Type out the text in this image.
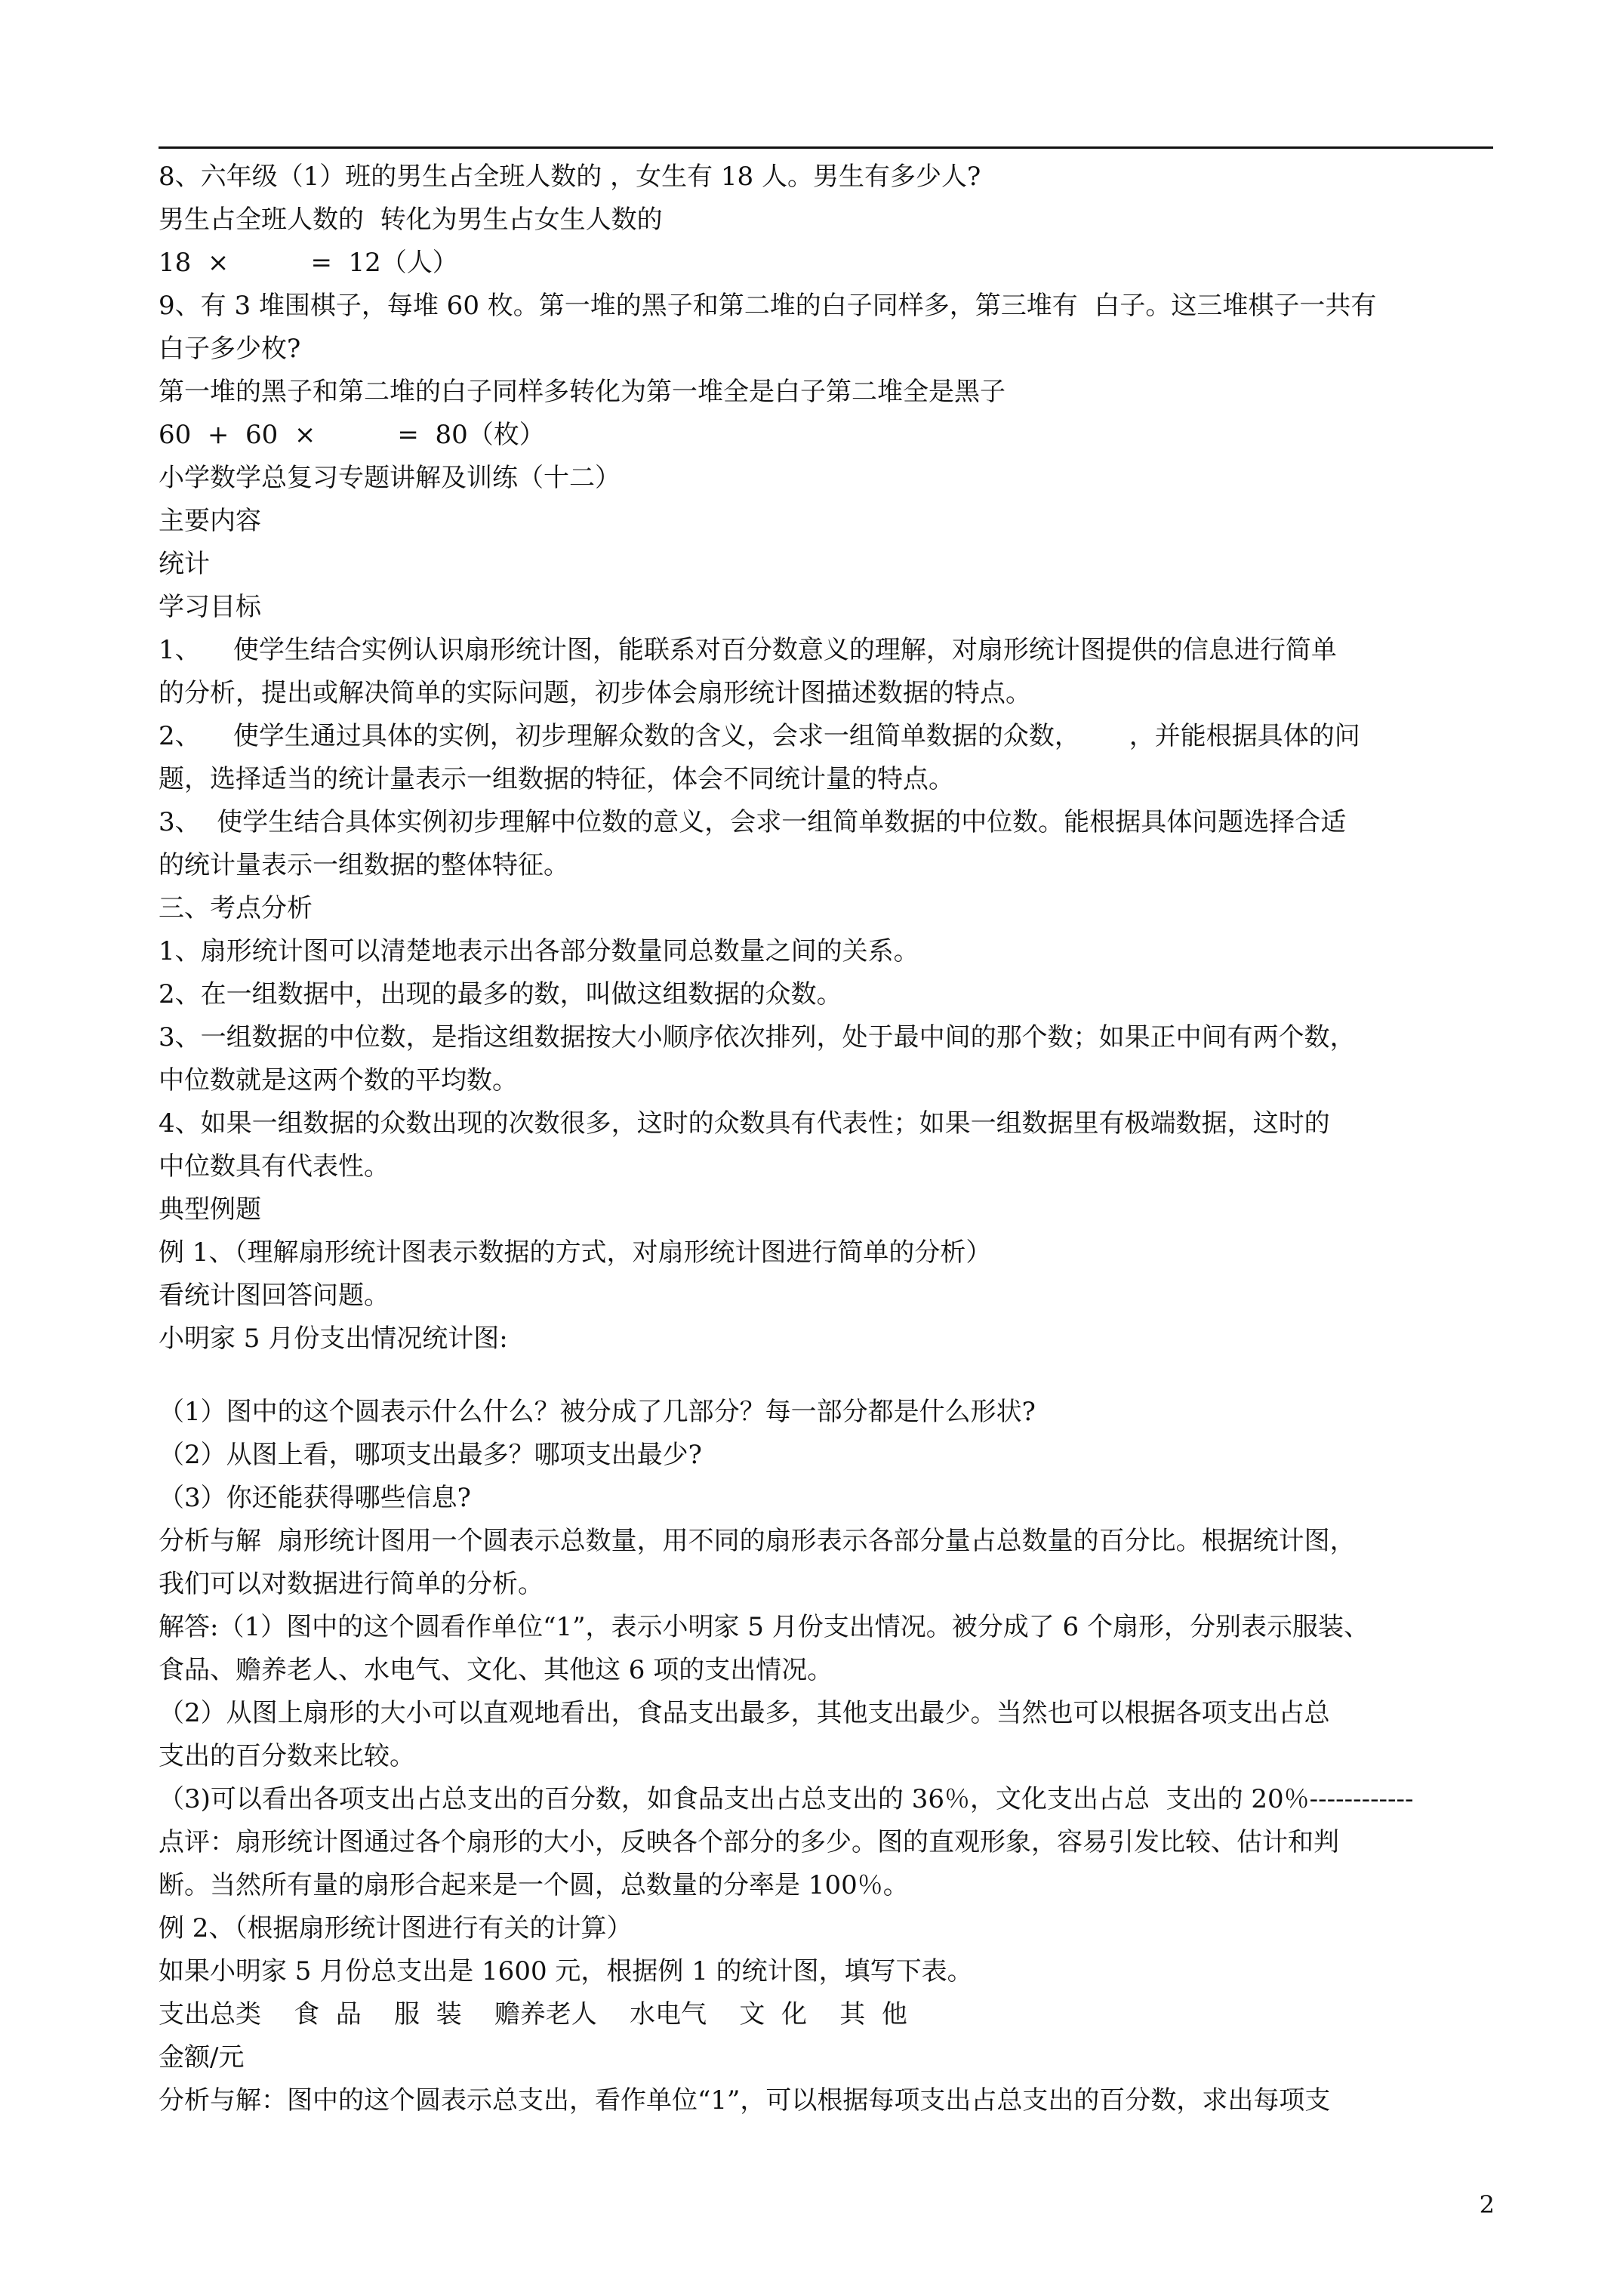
8、六年级（1）班的男生占全班人数的 ，女生有 18 人。男生有多少人?

男生占全班人数的  转化为男生占女生人数的

18  ×          =  12（人）

9、有 3 堆围棋子，每堆 60 枚。第一堆的黑子和第二堆的白子同样多，第三堆有  白子。这三堆棋子一共有

白子多少枚?

第一堆的黑子和第二堆的白子同样多转化为第一堆全是白子第二堆全是黑子

60  +  60  ×          =  80（枚）

小学数学总复习专题讲解及训练（十二）

主要内容

统计

学习目标

1、    使学生结合实例认识扇形统计图，能联系对百分数意义的理解，对扇形统计图提供的信息进行简单

的分析，提出或解决简单的实际问题，初步体会扇形统计图描述数据的特点。

2、    使学生通过具体的实例，初步理解众数的含义，会求一组简单数据的众数，      ，并能根据具体的问

题，选择适当的统计量表示一组数据的特征，体会不同统计量的特点。

3、  使学生结合具体实例初步理解中位数的意义，会求一组简单数据的中位数。能根据具体问题选择合适

的统计量表示一组数据的整体特征。

三、考点分析

1、扇形统计图可以清楚地表示出各部分数量同总数量之间的关系。

2、在一组数据中，出现的最多的数，叫做这组数据的众数。

3、一组数据的中位数，是指这组数据按大小顺序依次排列，处于最中间的那个数；如果正中间有两个数，

中位数就是这两个数的平均数。

4、如果一组数据的众数出现的次数很多，这时的众数具有代表性；如果一组数据里有极端数据，这时的

中位数具有代表性。

典型例题

例 1、（理解扇形统计图表示数据的方式，对扇形统计图进行简单的分析）

看统计图回答问题。

小明家 5 月份支出情况统计图:

（1）图中的这个圆表示什么什么？被分成了几部分？每一部分都是什么形状?

（2）从图上看，哪项支出最多？哪项支出最少?

（3）你还能获得哪些信息?

分析与解  扇形统计图用一个圆表示总数量，用不同的扇形表示各部分量占总数量的百分比。根据统计图，

我们可以对数据进行简单的分析。

解答:（1）图中的这个圆看作单位“1”，表示小明家 5 月份支出情况。被分成了 6 个扇形，分别表示服装、

食品、赡养老人、水电气、文化、其他这 6 项的支出情况。

（2）从图上扇形的大小可以直观地看出，食品支出最多，其他支出最少。当然也可以根据各项支出占总

支出的百分数来比较。

（3)可以看出各项支出占总支出的百分数，如食品支出占总支出的 36％，文化支出占总  支出的 20％------------

点评：扇形统计图通过各个扇形的大小，反映各个部分的多少。图的直观形象，容易引发比较、估计和判

断。当然所有量的扇形合起来是一个圆，总数量的分率是 100％。

例 2、（根据扇形统计图进行有关的计算）

如果小明家 5 月份总支出是 1600 元，根据例 1 的统计图，填写下表。

支出总类    食  品    服  装    赡养老人    水电气    文  化    其  他

金额/元

分析与解：图中的这个圆表示总支出，看作单位“1”，可以根据每项支出占总支出的百分数，求出每项支

2
